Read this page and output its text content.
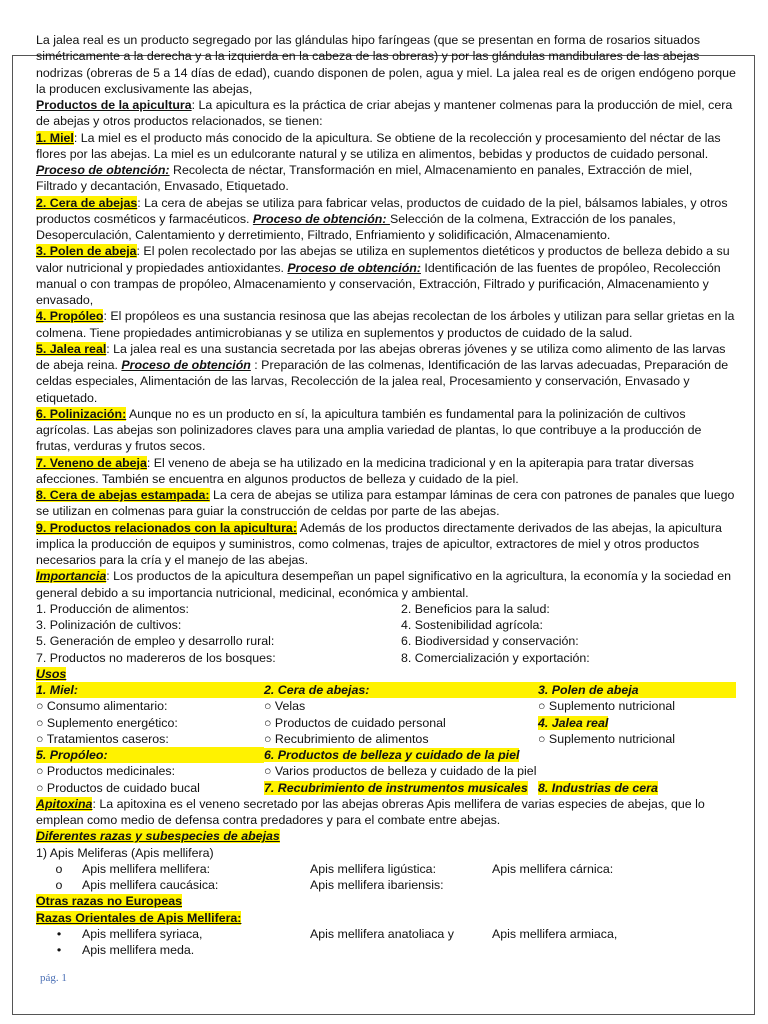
La jalea real es un producto segregado por las glándulas hipo faríngeas (que se presentan en forma de rosarios situados simétricamente a la derecha y a la izquierda en la cabeza de las obreras) y por las glándulas mandibulares de las abejas nodrizas (obreras de 5 a 14 días de edad), cuando disponen de polen, agua y miel. La jalea real es de origen endógeno porque la producen exclusivamente las abejas,

Productos de la apicultura: La apicultura es la práctica de criar abejas y mantener colmenas para la producción de miel, cera de abejas y otros productos relacionados, se tienen:

1. Miel: La miel es el producto más conocido de la apicultura. Se obtiene de la recolección y procesamiento del néctar de las flores por las abejas. La miel es un edulcorante natural y se utiliza en alimentos, bebidas y productos de cuidado personal. Proceso de obtención: Recolecta de néctar, Transformación en miel, Almacenamiento en panales, Extracción de miel, Filtrado y decantación, Envasado, Etiquetado.

2. Cera de abejas: La cera de abejas se utiliza para fabricar velas, productos de cuidado de la piel, bálsamos labiales, y otros productos cosméticos y farmacéuticos. Proceso de obtención: Selección de la colmena, Extracción de los panales, Desoperculación, Calentamiento y derretimiento, Filtrado, Enfriamiento y solidificación, Almacenamiento.

3. Polen de abeja: El polen recolectado por las abejas se utiliza en suplementos dietéticos y productos de belleza debido a su valor nutricional y propiedades antioxidantes. Proceso de obtención: Identificación de las fuentes de propóleo, Recolección manual o con trampas de propóleo, Almacenamiento y conservación, Extracción, Filtrado y purificación, Almacenamiento y envasado,

4. Propóleo: El propóleos es una sustancia resinosa que las abejas recolectan de los árboles y utilizan para sellar grietas en la colmena. Tiene propiedades antimicrobianas y se utiliza en suplementos y productos de cuidado de la salud.

5. Jalea real: La jalea real es una sustancia secretada por las abejas obreras jóvenes y se utiliza como alimento de las larvas de abeja reina. Proceso de obtención : Preparación de las colmenas, Identificación de las larvas adecuadas, Preparación de celdas especiales, Alimentación de las larvas, Recolección de la jalea real, Procesamiento y conservación, Envasado y etiquetado.

6. Polinización: Aunque no es un producto en sí, la apicultura también es fundamental para la polinización de cultivos agrícolas. Las abejas son polinizadores claves para una amplia variedad de plantas, lo que contribuye a la producción de frutas, verduras y frutos secos.

7. Veneno de abeja: El veneno de abeja se ha utilizado en la medicina tradicional y en la apiterapia para tratar diversas afecciones. También se encuentra en algunos productos de belleza y cuidado de la piel.

8. Cera de abejas estampada: La cera de abejas se utiliza para estampar láminas de cera con patrones de panales que luego se utilizan en colmenas para guiar la construcción de celdas por parte de las abejas.

9. Productos relacionados con la apicultura: Además de los productos directamente derivados de las abejas, la apicultura implica la producción de equipos y suministros, como colmenas, trajes de apicultor, extractores de miel y otros productos necesarios para la cría y el manejo de las abejas.

Importancia: Los productos de la apicultura desempeñan un papel significativo en la agricultura, la economía y la sociedad en general debido a su importancia nutricional, medicinal, económica y ambiental.

1. Producción de alimentos:	2. Beneficios para la salud:
3. Polinización de cultivos:	4. Sostenibilidad agrícola:
5. Generación de empleo y desarrollo rural:	6. Biodiversidad y conservación:
7. Productos no madereros de los bosques:	8. Comercialización y exportación:

Usos

1. Miel:	2. Cera de abejas:	3. Polen de abeja
○ Consumo alimentario:	○ Velas	○ Suplemento nutricional
○ Suplemento energético:	○ Productos de cuidado personal	4. Jalea real
○ Tratamientos caseros:	○ Recubrimiento de alimentos	○ Suplemento nutricional
5. Propóleo:	6. Productos de belleza y cuidado de la piel
○ Productos medicinales:	○ Varios productos de belleza y cuidado de la piel
○ Productos de cuidado bucal	7. Recubrimiento de instrumentos musicales 8. Industrias de cera

Apitoxina: La apitoxina es el veneno secretado por las abejas obreras Apis mellifera de varias especies de abejas, que lo emplean como medio de defensa contra predadores y para el combate entre abejas.

Diferentes razas y subespecies de abejas

1) Apis Meliferas (Apis mellifera)

o	Apis mellifera mellifera:	Apis mellifera ligústica:	Apis mellifera cárnica:
o	Apis mellifera caucásica:	Apis mellifera ibariensis:

Otras razas no Europeas

Razas Orientales de Apis Mellifera:

•	Apis mellifera syriaca,	Apis mellifera anatoliaca y	Apis mellifera armiaca,
•	Apis mellifera meda.
pág. 1
